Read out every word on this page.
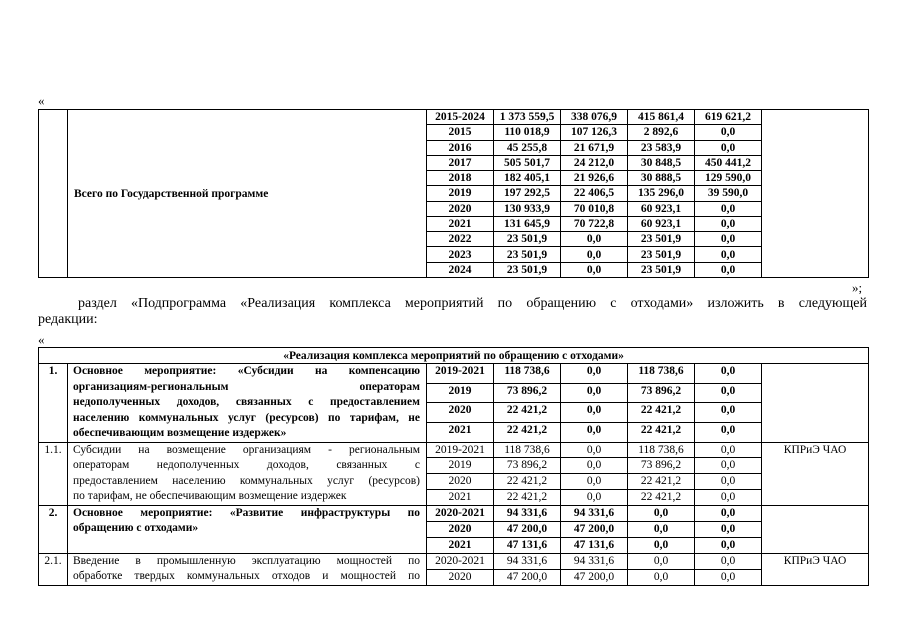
«
	Всего по Государственной программе	2015-2024	1 373 559,5	338 076,9	415 861,4	619 621,2	
		2015	110 018,9	107 126,3	2 892,6	0,0	
		2016	45 255,8	21 671,9	23 583,9	0,0	
		2017	505 501,7	24 212,0	30 848,5	450 441,2	
		2018	182 405,1	21 926,6	30 888,5	129 590,0	
		2019	197 292,5	22 406,5	135 296,0	39 590,0	
		2020	130 933,9	70 010,8	60 923,1	0,0	
		2021	131 645,9	70 722,8	60 923,1	0,0	
		2022	23 501,9	0,0	23 501,9	0,0	
		2023	23 501,9	0,0	23 501,9	0,0	
		2024	23 501,9	0,0	23 501,9	0,0	
»;
раздел «Подпрограмма «Реализация комплекса мероприятий по обращению с отходами» изложить в следующей
редакции:
«
«Реализация комплекса мероприятий по обращению с отходами»							
1.	Основное мероприятие: «Субсидии на компенсацию
организациям-региональным операторам
недополученных доходов, связанных с предоставлением
населению коммунальных услуг (ресурсов) по тарифам, не
обеспечивающим возмещение издержек»	2019-2021	118 738,6	0,0	118 738,6	0,0	
		2019	73 896,2	0,0	73 896,2	0,0	
		2020	22 421,2	0,0	22 421,2	0,0	
		2021	22 421,2	0,0	22 421,2	0,0	
1.1.	Субсидии на возмещение организациям - региональным
операторам недополученных доходов, связанных с
предоставлением населению коммунальных услуг (ресурсов)
по тарифам, не обеспечивающим возмещение издержек	2019-2021	118 738,6	0,0	118 738,6	0,0	КПРиЭ ЧАО
		2019	73 896,2	0,0	73 896,2	0,0	
		2020	22 421,2	0,0	22 421,2	0,0	
		2021	22 421,2	0,0	22 421,2	0,0	
2.	Основное мероприятие: «Развитие инфраструктуры по
обращению с отходами»	2020-2021	94 331,6	94 331,6	0,0	0,0	
		2020	47 200,0	47 200,0	0,0	0,0	
		2021	47 131,6	47 131,6	0,0	0,0	
2.1.	Введение в промышленную эксплуатацию мощностей по
обработке твердых коммунальных отходов и мощностей по	2020-2021	94 331,6	94 331,6	0,0	0,0	КПРиЭ ЧАО
		2020	47 200,0	47 200,0	0,0	0,0	
